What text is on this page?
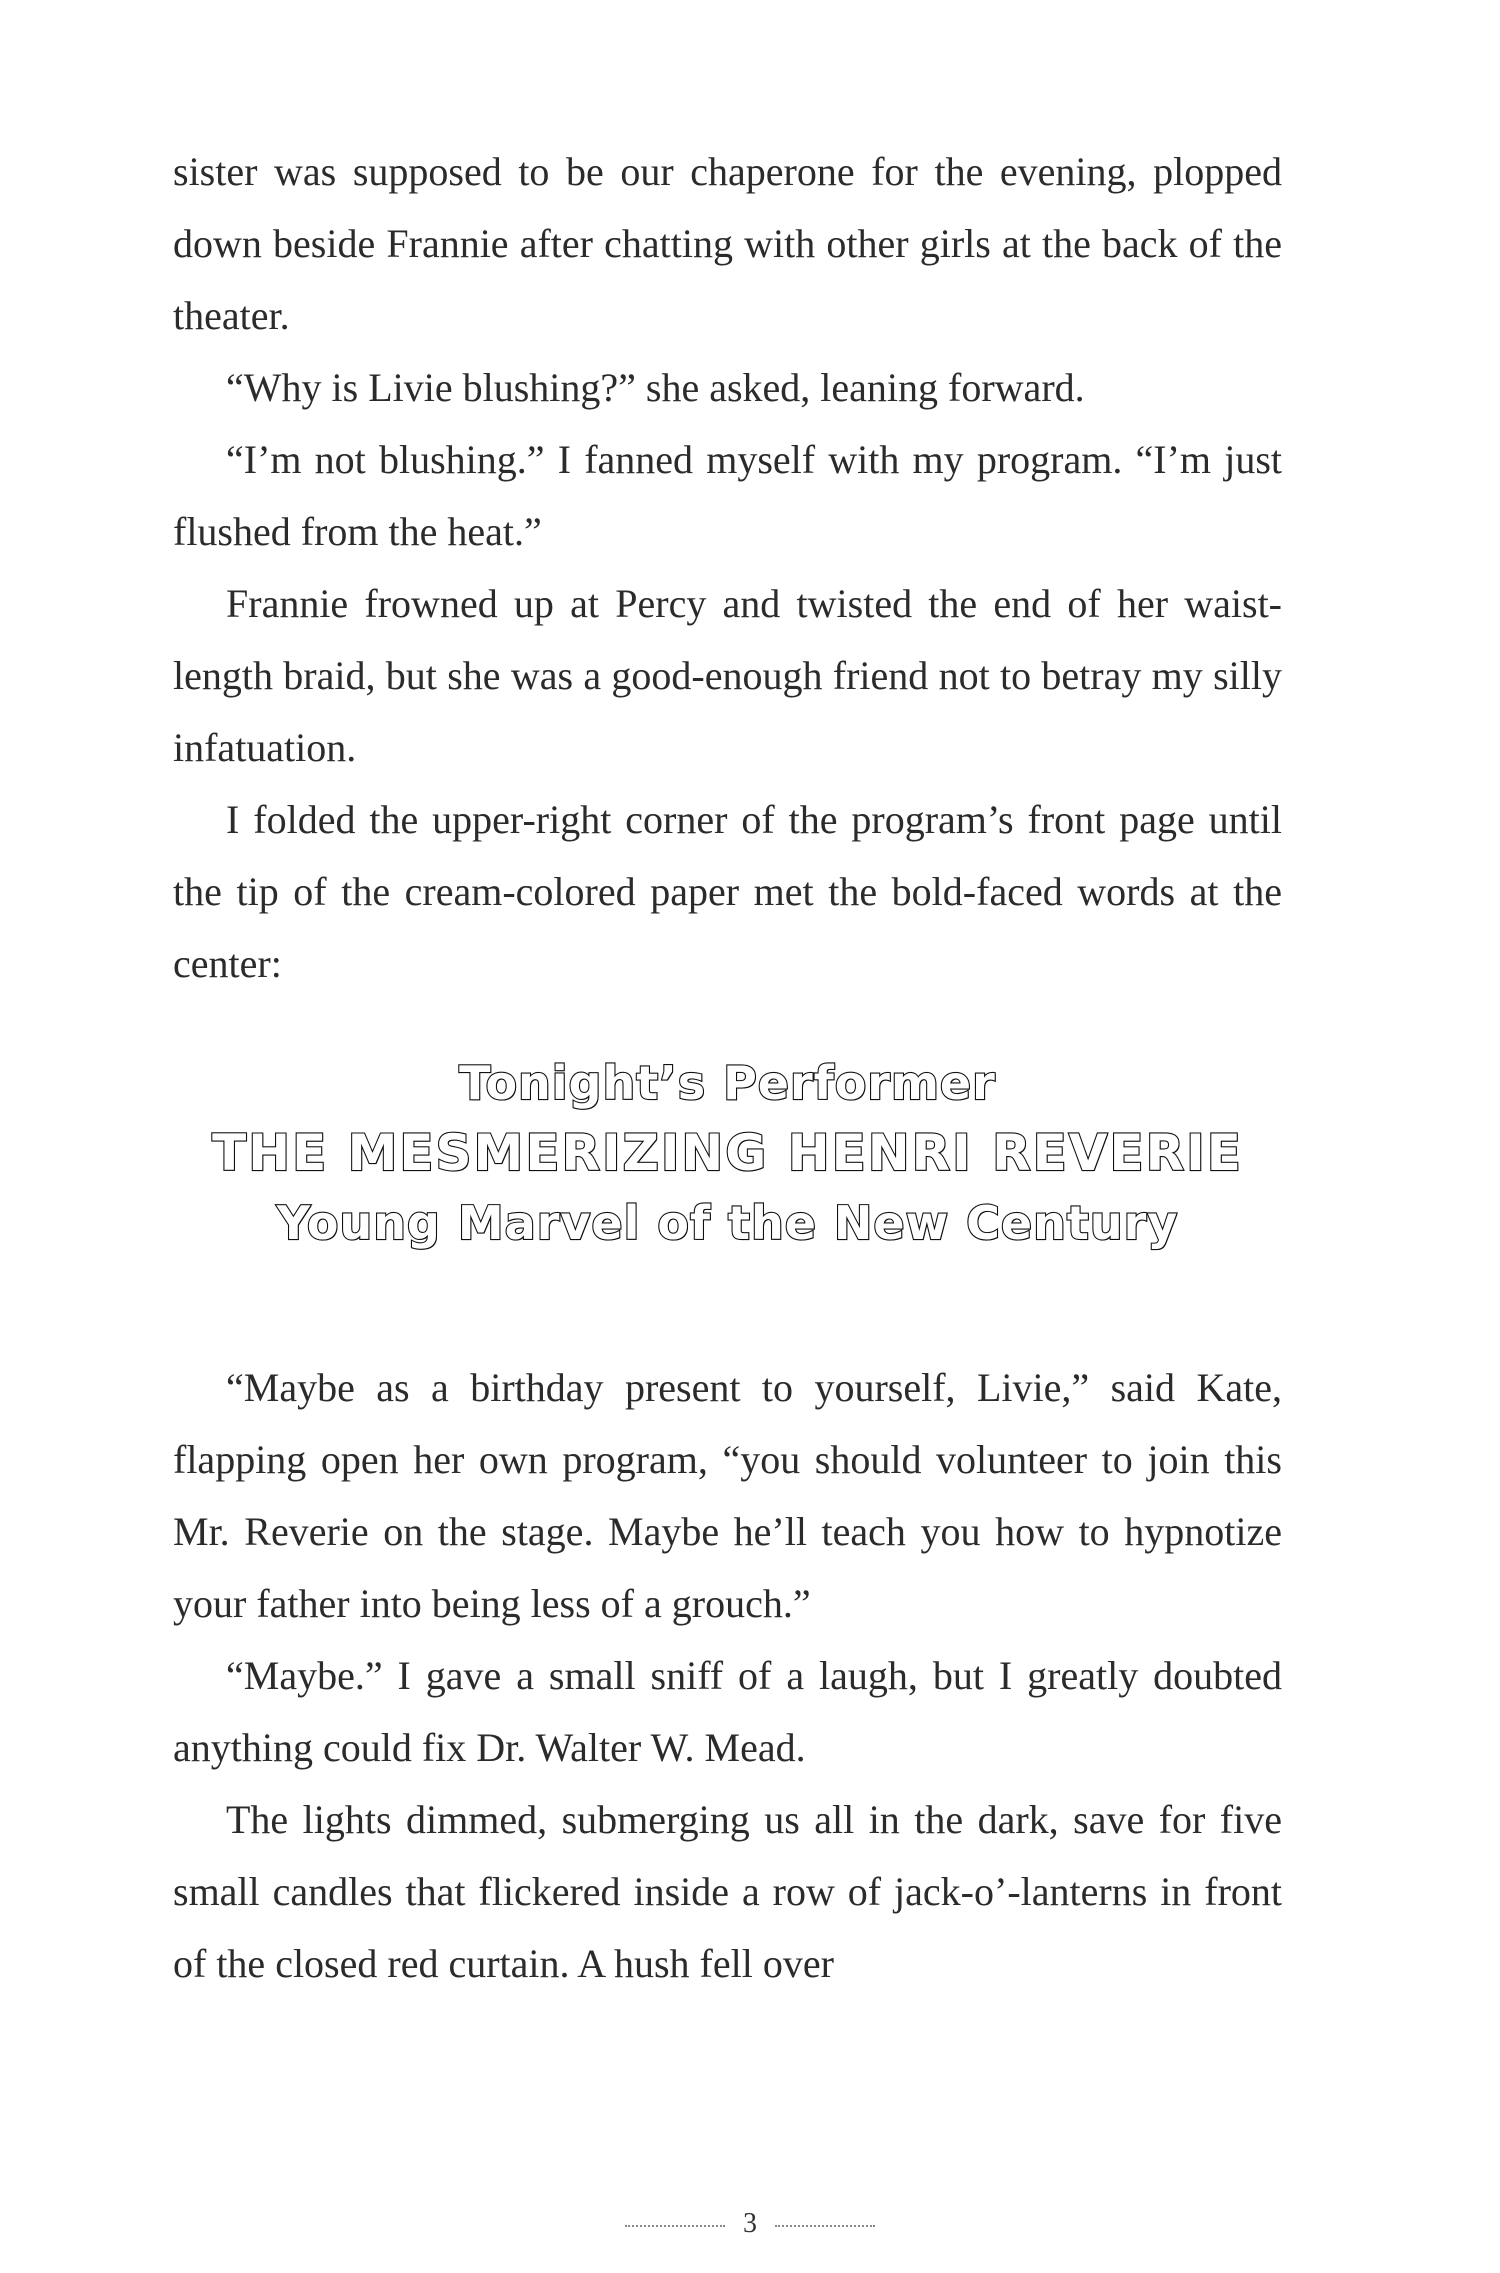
sister was supposed to be our chaperone for the evening, plopped down beside Frannie after chatting with other girls at the back of the theater.

“Why is Livie blushing?” she asked, leaning forward.

“I’m not blushing.” I fanned myself with my program. “I’m just flushed from the heat.”

Frannie frowned up at Percy and twisted the end of her waist-length braid, but she was a good-enough friend not to betray my silly infatuation.

I folded the upper-right corner of the program’s front page until the tip of the cream-colored paper met the bold-faced words at the center:

Tonight’s Performer
THE MESMERIZING HENRI REVERIE
Young Marvel of the New Century

“Maybe as a birthday present to yourself, Livie,” said Kate, flapping open her own program, “you should volunteer to join this Mr. Reverie on the stage. Maybe he’ll teach you how to hypnotize your father into being less of a grouch.”

“Maybe.” I gave a small sniff of a laugh, but I greatly doubted anything could fix Dr. Walter W. Mead.

The lights dimmed, submerging us all in the dark, save for five small candles that flickered inside a row of jack-o’-lanterns in front of the closed red curtain. A hush fell over

3
